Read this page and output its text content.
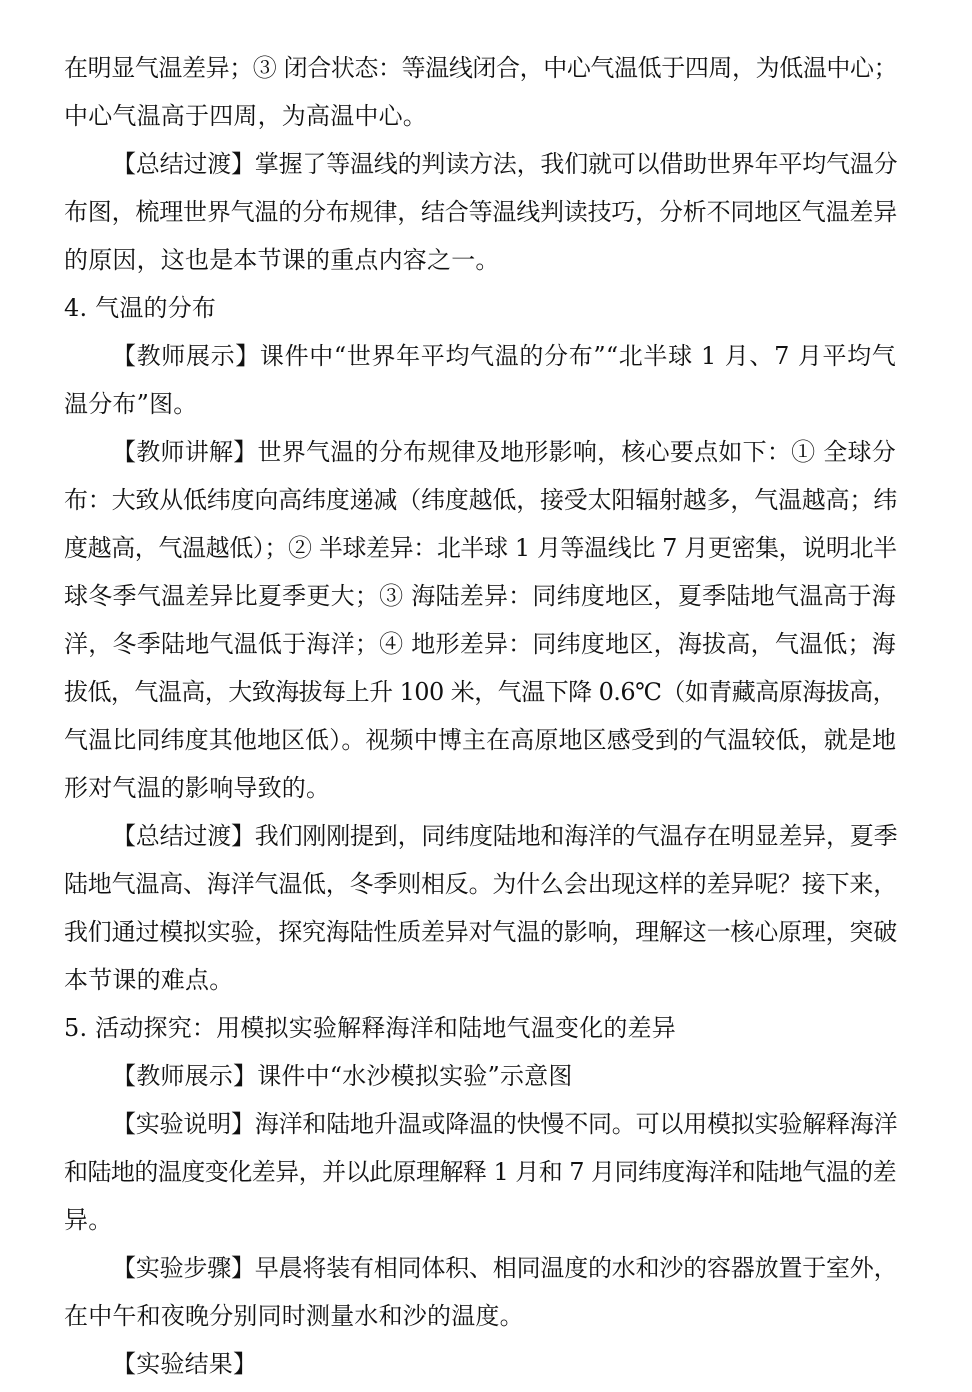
在明显气温差异；③ 闭合状态：等温线闭合，中心气温低于四周，为低温中心；
中心气温高于四周，为高温中心。
【总结过渡】掌握了等温线的判读方法，我们就可以借助世界年平均气温分
布图，梳理世界气温的分布规律，结合等温线判读技巧，分析不同地区气温差异
的原因，这也是本节课的重点内容之一。
4. 气温的分布
【教师展示】课件中“世界年平均气温的分布”“北半球 1 月、7 月平均气
温分布”图。
【教师讲解】世界气温的分布规律及地形影响，核心要点如下：① 全球分
布：大致从低纬度向高纬度递减（纬度越低，接受太阳辐射越多，气温越高；纬
度越高，气温越低）；② 半球差异：北半球 1 月等温线比 7 月更密集，说明北半
球冬季气温差异比夏季更大；③ 海陆差异：同纬度地区，夏季陆地气温高于海
洋，冬季陆地气温低于海洋；④ 地形差异：同纬度地区，海拔高，气温低；海
拔低，气温高，大致海拔每上升 100 米，气温下降 0.6℃（如青藏高原海拔高，
气温比同纬度其他地区低）。视频中博主在高原地区感受到的气温较低，就是地
形对气温的影响导致的。
【总结过渡】我们刚刚提到，同纬度陆地和海洋的气温存在明显差异，夏季
陆地气温高、海洋气温低，冬季则相反。为什么会出现这样的差异呢？接下来，
我们通过模拟实验，探究海陆性质差异对气温的影响，理解这一核心原理，突破
本节课的难点。
5. 活动探究：用模拟实验解释海洋和陆地气温变化的差异
【教师展示】课件中“水沙模拟实验”示意图
【实验说明】海洋和陆地升温或降温的快慢不同。可以用模拟实验解释海洋
和陆地的温度变化差异，并以此原理解释 1 月和 7 月同纬度海洋和陆地气温的差
异。
【实验步骤】早晨将装有相同体积、相同温度的水和沙的容器放置于室外，
在中午和夜晚分别同时测量水和沙的温度。
【实验结果】
